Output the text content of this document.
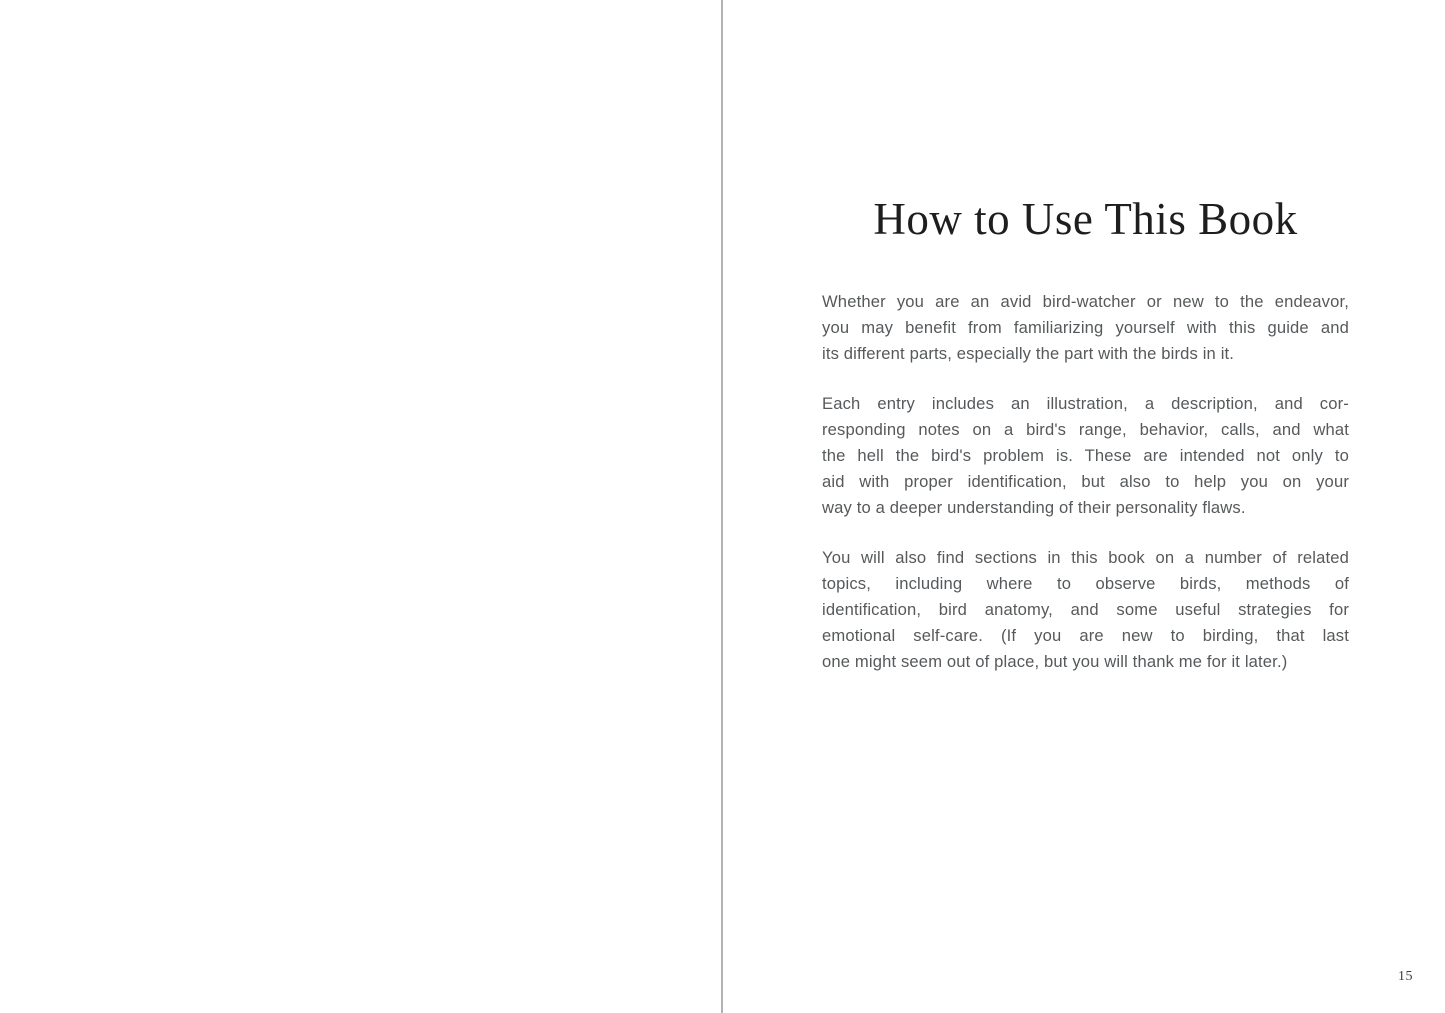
How to Use This Book
Whether you are an avid bird-watcher or new to the endeavor,
you may benefit from familiarizing yourself with this guide and
its different parts, especially the part with the birds in it.
Each entry includes an illustration, a description, and cor-
responding notes on a bird's range, behavior, calls, and what
the hell the bird's problem is. These are intended not only to
aid with proper identification, but also to help you on your
way to a deeper understanding of their personality flaws.
You will also find sections in this book on a number of related
topics, including where to observe birds, methods of
identification, bird anatomy, and some useful strategies for
emotional self-care. (If you are new to birding, that last
one might seem out of place, but you will thank me for it later.)
15
